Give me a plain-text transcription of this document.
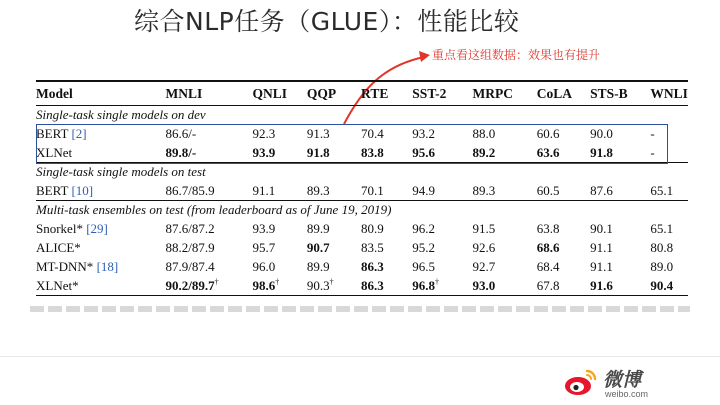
综合NLP任务（GLUE）：性能比较
重点看这组数据：效果也有提升
Model	MNLI	QNLI	QQP	RTE	SST-2	MRPC	CoLA	STS-B	WNLI
Single-task single models on dev									
BERT [2]	86.6/-	92.3	91.3	70.4	93.2	88.0	60.6	90.0	-
XLNet	89.8/-	93.9	91.8	83.8	95.6	89.2	63.6	91.8	-
Single-task single models on test									
BERT [10]	86.7/85.9	91.1	89.3	70.1	94.9	89.3	60.5	87.6	65.1
Multi-task ensembles on test (from leaderboard as of June 19, 2019)									
Snorkel* [29]	87.6/87.2	93.9	89.9	80.9	96.2	91.5	63.8	90.1	65.1
ALICE*	88.2/87.9	95.7	90.7	83.5	95.2	92.6	68.6	91.1	80.8
MT-DNN* [18]	87.9/87.4	96.0	89.9	86.3	96.5	92.7	68.4	91.1	89.0
XLNet*	90.2/89.7†	98.6†	90.3†	86.3	96.8†	93.0	67.8	91.6	90.4
微博
weibo.com
